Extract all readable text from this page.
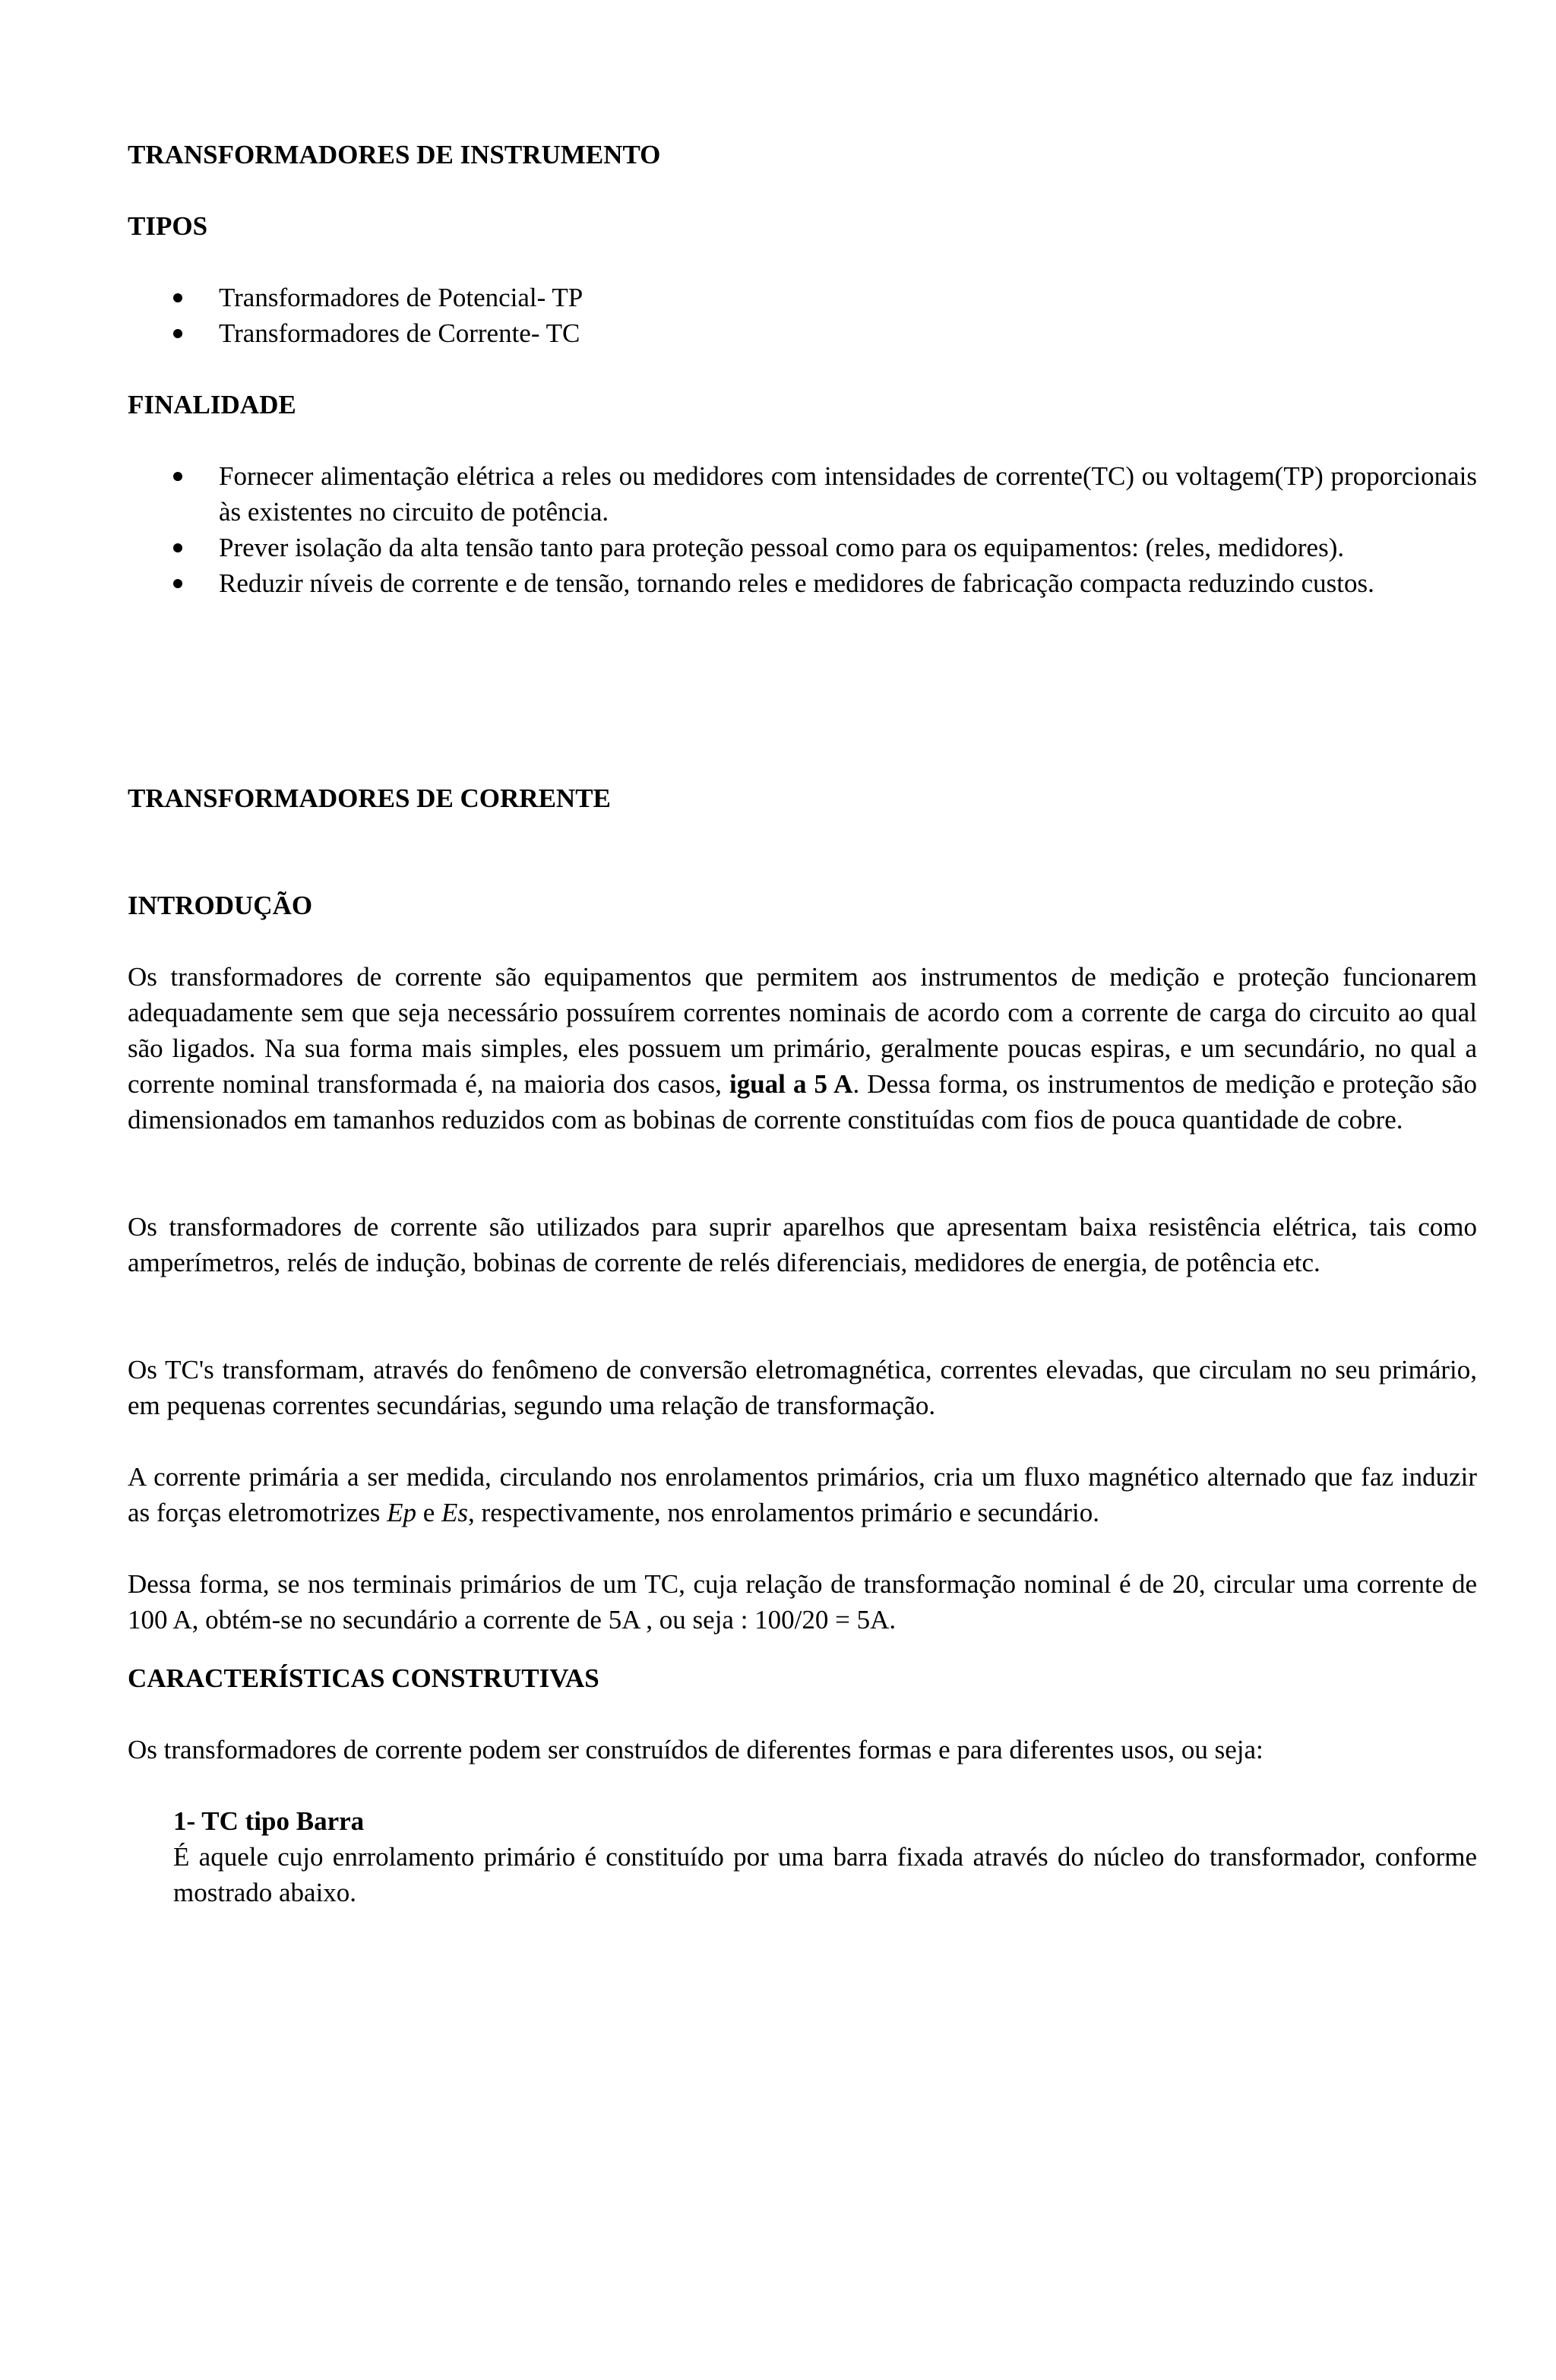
TRANSFORMADORES DE INSTRUMENTO
TIPOS
Transformadores de Potencial- TP
Transformadores de Corrente- TC
FINALIDADE
Fornecer alimentação elétrica a reles ou medidores com intensidades de corrente(TC) ou voltagem(TP) proporcionais às existentes no circuito de potência.
Prever isolação da alta tensão tanto para proteção pessoal como para os equipamentos: (reles, medidores).
Reduzir níveis de corrente e de tensão, tornando reles e medidores de fabricação compacta reduzindo custos.
TRANSFORMADORES DE CORRENTE
INTRODUÇÃO
Os transformadores de corrente são equipamentos que permitem aos instrumentos de medição e proteção funcionarem adequadamente sem que seja necessário possuírem correntes nominais de acordo com a corrente de carga do circuito ao qual são ligados. Na sua forma mais simples, eles possuem um primário, geralmente poucas espiras, e um secundário, no qual a corrente nominal transformada é, na maioria dos casos, igual a 5 A. Dessa forma, os instrumentos de medição e proteção são dimensionados em tamanhos reduzidos com as bobinas de corrente constituídas com fios de pouca quantidade de cobre.
Os transformadores de corrente são utilizados para suprir aparelhos que apresentam baixa resistência elétrica, tais como amperímetros, relés de indução, bobinas de corrente de relés diferenciais, medidores de energia, de potência etc.
Os TC's transformam, através do fenômeno de conversão eletromagnética, correntes elevadas, que circulam no seu primário, em pequenas correntes secundárias, segundo uma relação de transformação.
A corrente primária a ser medida, circulando nos enrolamentos primários, cria um fluxo magnético alternado que faz induzir as forças eletromotrizes Ep e Es, respectivamente, nos enrolamentos primário e secundário.
Dessa forma, se nos terminais primários de um TC, cuja relação de transformação nominal é de 20, circular uma corrente de 100 A, obtém-se no secundário a corrente de 5A , ou seja : 100/20 = 5A.
CARACTERÍSTICAS CONSTRUTIVAS
Os transformadores de corrente podem ser construídos de diferentes formas e para diferentes usos, ou seja:
1- TC tipo Barra
É aquele cujo enrrolamento primário é constituído por uma barra fixada através do núcleo do transformador, conforme mostrado abaixo.
